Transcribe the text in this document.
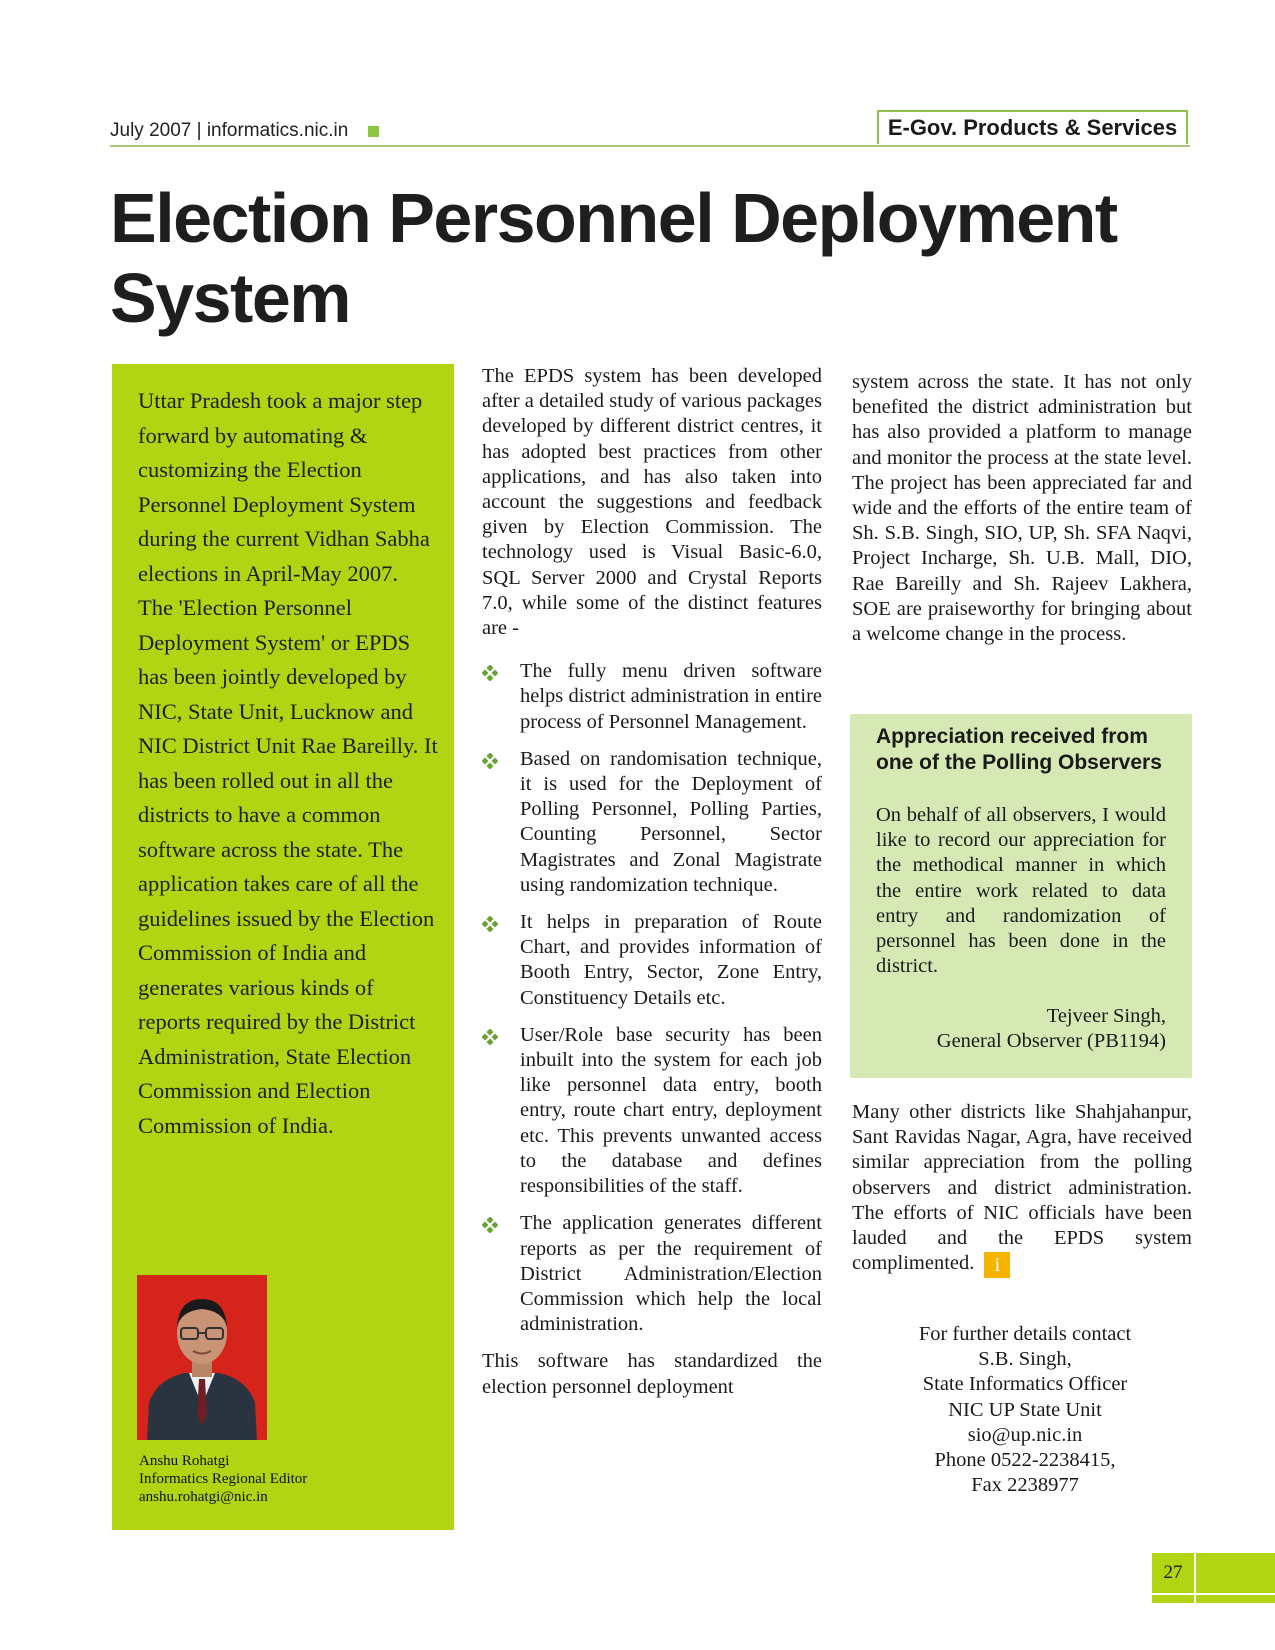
July 2007 | informatics.nic.in	E-Gov. Products & Services
Election Personnel Deployment System

Uttar Pradesh took a major step forward by automating & customizing the Election Personnel Deployment System during the current Vidhan Sabha elections in April-May 2007. The 'Election Personnel Deployment System' or EPDS has been jointly developed by NIC, State Unit, Lucknow and NIC District Unit Rae Bareilly. It has been rolled out in all the districts to have a common software across the state. The application takes care of all the guidelines issued by the Election Commission of India and generates various kinds of reports required by the District Administration, State Election Commission and Election Commission of India.

Anshu Rohatgi
Informatics Regional Editor
anshu.rohatgi@nic.in

The EPDS system has been developed after a detailed study of various packages developed by different district centres, it has adopted best practices from other applications, and has also taken into account the suggestions and feedback given by Election Commission. The technology used is Visual Basic-6.0, SQL Server 2000 and Crystal Reports 7.0, while some of the distinct features are -

The fully menu driven software helps district administration in entire process of Personnel Management.
Based on randomisation technique, it is used for the Deployment of Polling Personnel, Polling Parties, Counting Personnel, Sector Magistrates and Zonal Magistrate using randomization technique.
It helps in preparation of Route Chart, and provides information of Booth Entry, Sector, Zone Entry, Constituency Details etc.
User/Role base security has been inbuilt into the system for each job like personnel data entry, booth entry, route chart entry, deployment etc. This prevents unwanted access to the database and defines responsibilities of the staff.
The application generates different reports as per the requirement of District Administration/Election Commission which help the local administration.

This software has standardized the election personnel deployment

system across the state. It has not only benefited the district administration but has also provided a platform to manage and monitor the process at the state level. The project has been appreciated far and wide and the efforts of the entire team of Sh. S.B. Singh, SIO, UP, Sh. SFA Naqvi, Project Incharge, Sh. U.B. Mall, DIO, Rae Bareilly and Sh. Rajeev Lakhera, SOE are praiseworthy for bringing about a welcome change in the process.

Appreciation received from one of the Polling Observers
On behalf of all observers, I would like to record our appreciation for the methodical manner in which the entire work related to data entry and randomization of personnel has been done in the district.
Tejveer Singh,
General Observer (PB1194)

Many other districts like Shahjahanpur, Sant Ravidas Nagar, Agra, have received similar appreciation from the polling observers and district administration. The efforts of NIC officials have been lauded and the EPDS system complimented. i

For further details contact
S.B. Singh,
State Informatics Officer
NIC UP State Unit
sio@up.nic.in
Phone 0522-2238415,
Fax 2238977
27
